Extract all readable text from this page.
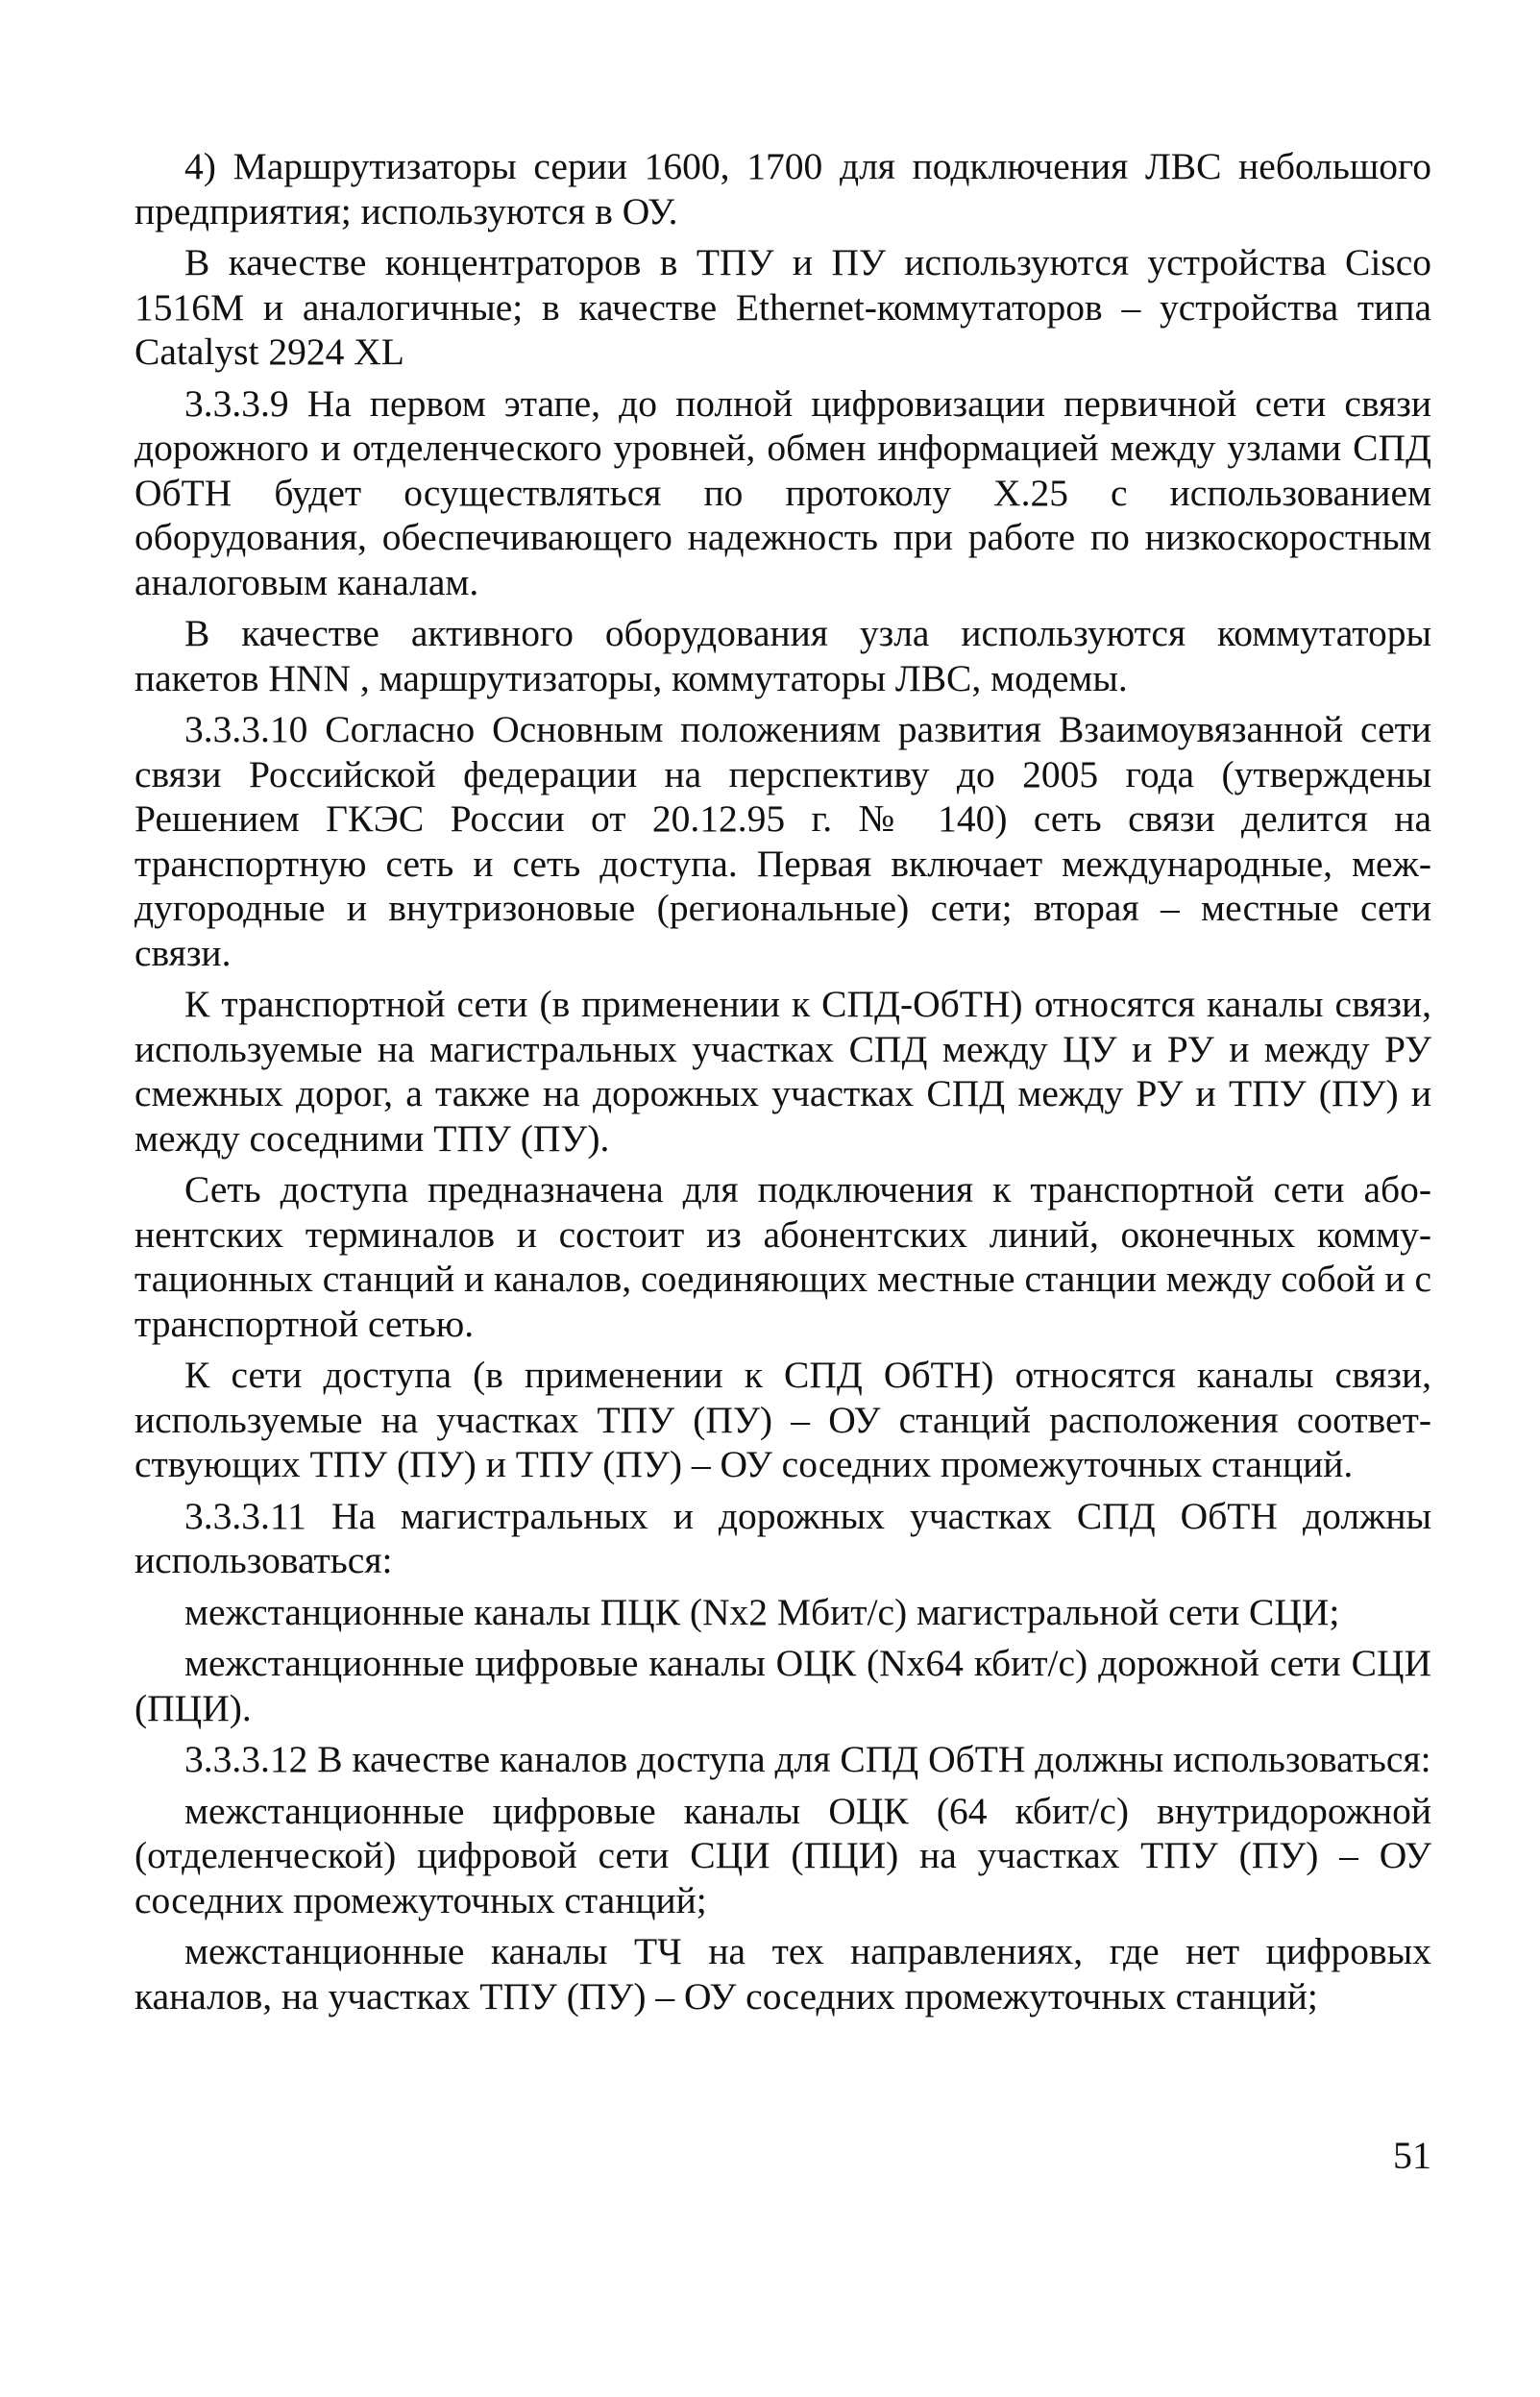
4) Маршрутизаторы серии 1600, 1700 для подключения ЛВС небольшого предприятия; используются в ОУ.

В качестве концентраторов в ТПУ и ПУ используются устройства Cisco 1516M и аналогичные; в качестве Ethernet-коммутаторов – устройства типа Catalyst 2924 XL

3.3.3.9 На первом этапе, до полной цифровизации первичной сети связи дорожного и отделенческого уровней, обмен информацией между узлами СПД ОбТН будет осуществляться по протоколу X.25 с использованием оборудования, обеспечивающего надежность при работе по низкоскоростным аналоговым каналам.

В качестве активного оборудования узла используются коммутаторы пакетов HNN , маршрутизаторы, коммутаторы ЛВС, модемы.

3.3.3.10 Согласно Основным положениям развития Взаимоувязанной сети связи Российской федерации на перспективу до 2005 года (утверждены Решением ГКЭС России от 20.12.95 г. № 140) сеть связи делится на транспортную сеть и сеть доступа. Первая включает международные, междугородные и внутризоновые (региональные) сети; вторая – местные сети связи.

К транспортной сети (в применении к СПД-ОбТН) относятся каналы связи, используемые на магистральных участках СПД между ЦУ и РУ и между РУ смежных дорог, а также на дорожных участках СПД между РУ и ТПУ (ПУ) и между соседними ТПУ (ПУ).

Сеть доступа предназначена для подключения к транспортной сети абонентских терминалов и состоит из абонентских линий, оконечных коммутационных станций и каналов, соединяющих местные станции между собой и с транспортной сетью.

К сети доступа (в применении к СПД ОбТН) относятся каналы связи, используемые на участках ТПУ (ПУ) – ОУ станций расположения соответствующих ТПУ (ПУ) и ТПУ (ПУ) – ОУ соседних промежуточных станций.

3.3.3.11 На магистральных и дорожных участках СПД ОбТН должны использоваться:

межстанционные каналы ПЦК (Nx2 Мбит/с) магистральной сети СЦИ;

межстанционные цифровые каналы ОЦК (Nx64 кбит/с) дорожной сети СЦИ (ПЦИ).

3.3.3.12 В качестве каналов доступа для СПД ОбТН должны использоваться:

межстанционные цифровые каналы ОЦК (64 кбит/с) внутридорожной (отделенческой) цифровой сети СЦИ (ПЦИ) на участках ТПУ (ПУ) – ОУ соседних промежуточных станций;

межстанционные каналы ТЧ на тех направлениях, где нет цифровых каналов, на участках ТПУ (ПУ) – ОУ соседних промежуточных станций;

51
